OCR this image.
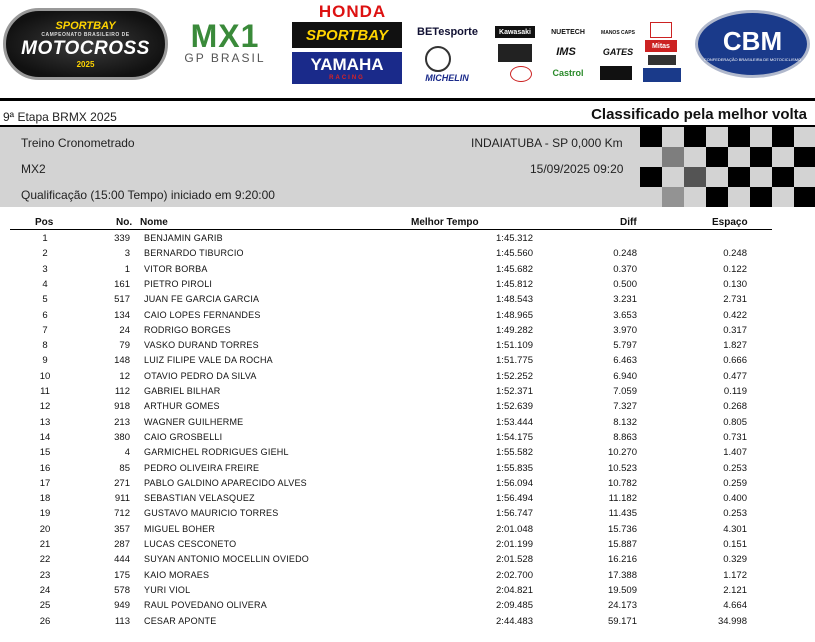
SPORTBAY
CAMPEONATO BRASILEIRO DE
MOTOCROSS
2025
MX1
GP BRASIL
HONDA
SPORTBAY
YAMAHA
RACING
BETesporte
MICHELIN
Kawasaki	NUETECH
IMS
Castrol
MANOS CAPS
GATES
Mitas CBM
CONFEDERAÇÃO BRASILEIRA DE MOTOCICLISMO
9ª Etapa BRMX 2025	Classificado pela melhor volta
Treino Cronometrado	INDAIATUBA - SP 0,000 Km
MX2	15/09/2025 09:20
Qualificação (15:00 Tempo) iniciado em 9:20:00
Pos	No. Nome	Melhor Tempo	Diff	Espaço
1	339 BENJAMIN GARIB	1:45.312
2	3 BERNARDO TIBURCIO	1:45.560	0.248	0.248
3	1 VITOR BORBA	1:45.682	0.370	0.122
4	161 PIETRO PIROLI	1:45.812	0.500	0.130
5	517 JUAN FE GARCIA GARCIA	1:48.543	3.231	2.731
6	134 CAIO LOPES FERNANDES	1:48.965	3.653	0.422
7	24 RODRIGO BORGES	1:49.282	3.970	0.317
8	79 VASKO DURAND TORRES	1:51.109	5.797	1.827
9	148 LUIZ FILIPE VALE DA ROCHA	1:51.775	6.463	0.666
10	12 OTAVIO PEDRO DA SILVA	1:52.252	6.940	0.477
11	112 GABRIEL BILHAR	1:52.371	7.059	0.119
12	918 ARTHUR GOMES	1:52.639	7.327	0.268
13	213 WAGNER GUILHERME	1:53.444	8.132	0.805
14	380 CAIO GROSBELLI	1:54.175	8.863	0.731
15	4 GARMICHEL RODRIGUES GIEHL	1:55.582	10.270	1.407
16	85 PEDRO OLIVEIRA FREIRE	1:55.835	10.523	0.253
17	271 PABLO GALDINO APARECIDO ALVES	1:56.094	10.782	0.259
18	911 SEBASTIAN VELASQUEZ	1:56.494	11.182	0.400
19	712 GUSTAVO MAURICIO TORRES	1:56.747	11.435	0.253
20	357 MIGUEL BOHER	2:01.048	15.736	4.301
21	287 LUCAS CESCONETO	2:01.199	15.887	0.151
22	444 SUYAN ANTONIO MOCELLIN OVIEDO	2:01.528	16.216	0.329
23	175 KAIO MORAES	2:02.700	17.388	1.172
24	578 YURI VIOL	2:04.821	19.509	2.121
25	949 RAUL POVEDANO OLIVERA	2:09.485	24.173	4.664
26	113 CESAR APONTE	2:44.483	59.171	34.998
